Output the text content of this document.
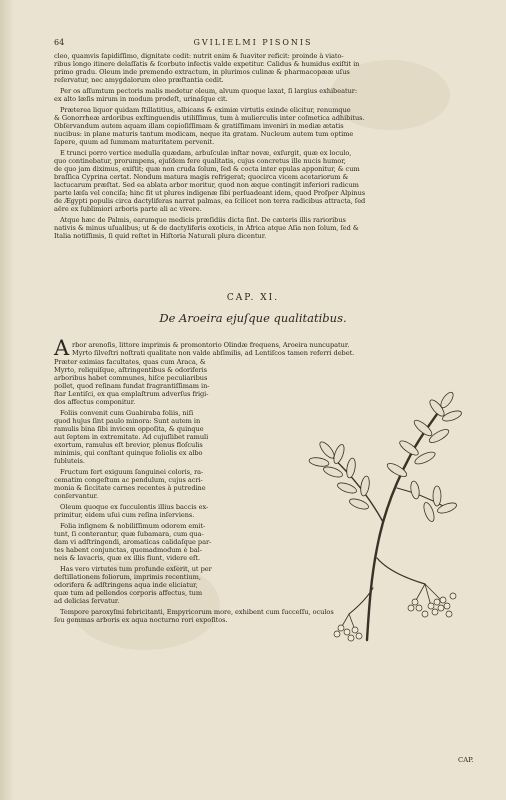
64	GVILIELMI PISONIS
cleo, quamvis ſapidiſſimo, dignitate cedit: nutrit enim & ſuaviter reficit: proinde à viato-
ribus longo itinere delaſſatis & ſcorbuto infectis valde expetitur. Calidus & humidus exiſtit in
primo gradu. Oleum inde premendo extractum, in plurimos culinæ & pharmacopææ uſus
reſervatur, nec amygdalorum oleo præſtantia cedit.
Per os aſſumtum pectoris malis medetur oleum, alvum quoque laxat, ſi largius exhibeatur:
ex alto læſis mirum in modum prodeſt, urinaſque cit.
Præterea liquor quidam ſtillatitius, albicans & eximiæ virtutis exinde elicitur, renumque
& Gonorrheæ ardoribus exſtinguendis utiliſſimus, tum à mulierculis inter coſmetica adhibitus.
Obſervandum autem aquam illam copioſiſſimam & gratiſſimam inveniri in mediæ ætatis
nucibus: in plane maturis tantum modicam, neque ita gratam. Nucleum autem tum optime
ſapere, quum ad ſummam maturitatem pervenit.
E trunci porro vertice medulla quædam, arbuſculæ inſtar novæ, exſurgit, quæ ex loculo,
quo continebatur, prorumpens, ejuſdem fere qualitatis, cujus concretus ille nucis humor,
de quo jam diximus, exiſtit; quæ non cruda ſolum, ſed & cocta inter epulas apponitur, & cum
braſſica Cyprina certat. Nondum matura magis refrigerat; quocirca vicem acetariorum &
lactucarum præſtat. Sed ea ablata arbor moritur, quod non æque contingit inferiori radicum
parte læſa vel conciſa; hinc fit ut plures indigenæ ſibi perſuadeant idem, quod Proſper Alpinus
de Ægypti populis circa dactyliferas narrat palmas, ea ſcilicet non terra radicibus attracta, ſed
aëre ex ſublimiori arboris parte ali ac vivere.
Atque hæc de Palmis, earumque medicis præſidiis dicta ſint. De cæteris illis rarioribus
nativis & minus uſualibus; ut & de dactyliferis exoticis, in Africa atque Aſia non ſolum, ſed &
Italia notiſſimis, ſi quid reſtet in Hiſtoria Naturali plura dicentur.
CAP. XI.
De Aroeira ejuſque qualitatibus.
A rbor arenoſis, littore imprimis & promontorio Olindæ frequens, Aroeira nuncupatur.
Myrto ſilveſtri noſtrati qualitate non valde abſimilis, ad Lentiſcos tamen referri debet.
Præter eximias facultates, quas cum Araca, &
Myrto, reliquiſque, aſtringentibus & odoriferis
arboribus habet communes, hiſce peculiaribus
pollet, quod reſinam fundat fragrantiſſimam in-
ſtar Lentiſci, ex qua emplaſtrum adverſus frigi-
dos affectus componitur.
Foliis convenit cum Guabiraba foliis, niſi
quod hujus ſint paulo minora: Sunt autem in
ramulis bina ſibi invicem oppoſita, & quinque
aut ſeptem in extremitate. Ad cujuſlibet ramuli
exortum, ramulus eſt brevior, plenus floſculis
minimis, qui conſtant quinque foliolis ex albo
ſubluteis.
Fructum fert exiguum ſanguinei coloris, ra-
cematim congeſtum ac pendulum, cujus acri-
monia & ſiccitate carnes recentes à putredine
conſervantur.
Oleum quoque ex ſucculentis illius baccis ex-
primitur, eidem uſui cum reſina inſerviens.
Folia inſignem & nobiliſſimum odorem emit-
tunt, ſi conterantur, quæ ſubamara, cum qua-
dam vi adſtringendi, aromaticas calidaſque par-
tes habent conjunctas, quemadmodum è bal-
neis & lavacris, quæ ex illis fiunt, videre eſt.
Has vero virtutes tum profunde exſerit, ut per
deſtillationem foliorum, imprimis recentium,
odorifera & adſtringens aqua inde eliciatur,
quæ tum ad pellendos corporis affectus, tum
ad delicias ſervatur.
Tempore paroxyſmi febricitanti, Empyricorum more, exhibent cum ſucceſſu, oculos
ſeu gemmas arboris ex aqua nocturno rori expoſitos.
CAP.
